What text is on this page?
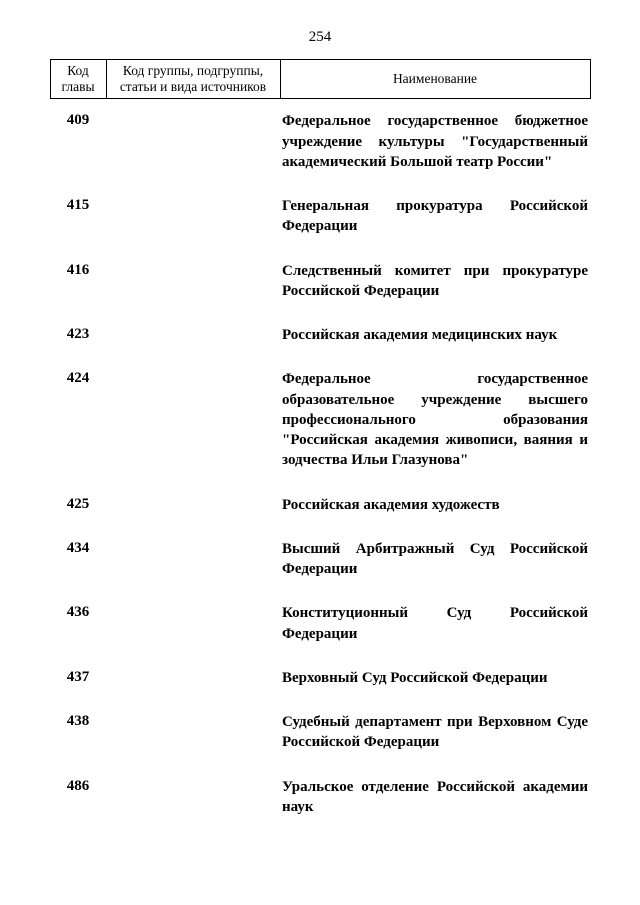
254
Код главы	Код группы, подгруппы, статьи и вида источников	Наименование
409		Федеральное государственное бюджетное учреждение культуры "Государственный академический Большой театр России"
415		Генеральная прокуратура Российской Федерации
416		Следственный комитет при прокуратуре Российской Федерации
423		Российская академия медицинских наук
424		Федеральное государственное образовательное учреждение высшего профессионального образования "Российская академия живописи, ваяния и зодчества Ильи Глазунова"
425		Российская академия художеств
434		Высший Арбитражный Суд Российской Федерации
436		Конституционный Суд Российской Федерации
437		Верховный Суд Российской Федерации
438		Судебный департамент при Верховном Суде Российской Федерации
486		Уральское отделение Российской академии наук
